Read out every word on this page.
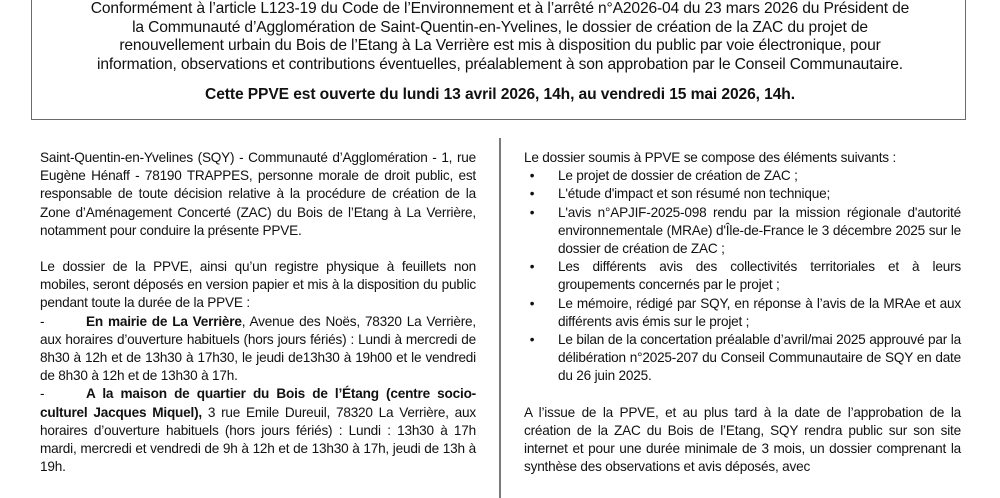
Conformément à l’article L123-19 du Code de l’Environnement et à l’arrêté n°A2026-04 du 23 mars 2026 du Président de
la Communauté d’Agglomération de Saint-Quentin-en-Yvelines, le dossier de création de la ZAC du projet de
renouvellement urbain du Bois de l’Etang à La Verrière est mis à disposition du public par voie électronique, pour
information, observations et contributions éventuelles, préalablement à son approbation par le Conseil Communautaire.
Cette PPVE est ouverte du lundi 13 avril 2026, 14h, au vendredi 15 mai 2026, 14h.

Saint-Quentin-en-Yvelines (SQY) - Communauté d’Agglomération - 1, rue Eugène Hénaff - 78190 TRAPPES, personne morale de droit public, est responsable de toute décision relative à la procédure de création de la Zone d’Aménagement Concerté (ZAC) du Bois de l’Etang à La Verrière, notamment pour conduire la présente PPVE.

Le dossier de la PPVE, ainsi qu’un registre physique à feuillets non mobiles, seront déposés en version papier et mis à la disposition du public pendant toute la durée de la PPVE :

-	En mairie de La Verrière, Avenue des Noës, 78320 La Verrière, aux horaires d’ouverture habituels (hors jours fériés) : Lundi à mercredi de 8h30 à 12h et de 13h30 à 17h30, le jeudi de13h30 à 19h00 et le vendredi de 8h30 à 12h et de 13h30 à 17h.

-	A la maison de quartier du Bois de l’Étang (centre socio-culturel Jacques Miquel), 3 rue Emile Dureuil, 78320 La Verrière, aux horaires d’ouverture habituels (hors jours fériés) : Lundi : 13h30 à 17h mardi, mercredi et vendredi de 9h à 12h et de 13h30 à 17h, jeudi de 13h à 19h.

Le dossier soumis à PPVE se compose des éléments suivants :

• Le projet de dossier de création de ZAC ;
• L'étude d'impact et son résumé non technique;
• L'avis n°APJIF-2025-098 rendu par la mission régionale d'autorité environnementale (MRAe) d'Île-de-France le 3 décembre 2025 sur le dossier de création de ZAC ;
• Les différents avis des collectivités territoriales et à leurs groupements concernés par le projet ;
• Le mémoire, rédigé par SQY, en réponse à l’avis de la MRAe et aux différents avis émis sur le projet ;
• Le bilan de la concertation préalable d’avril/mai 2025 approuvé par la délibération n°2025-207 du Conseil Communautaire de SQY en date du 26 juin 2025.

A l’issue de la PPVE, et au plus tard à la date de l’approbation de la création de la ZAC du Bois de l’Etang, SQY rendra public sur son site internet et pour une durée minimale de 3 mois, un dossier comprenant la synthèse des observations et avis déposés, avec
